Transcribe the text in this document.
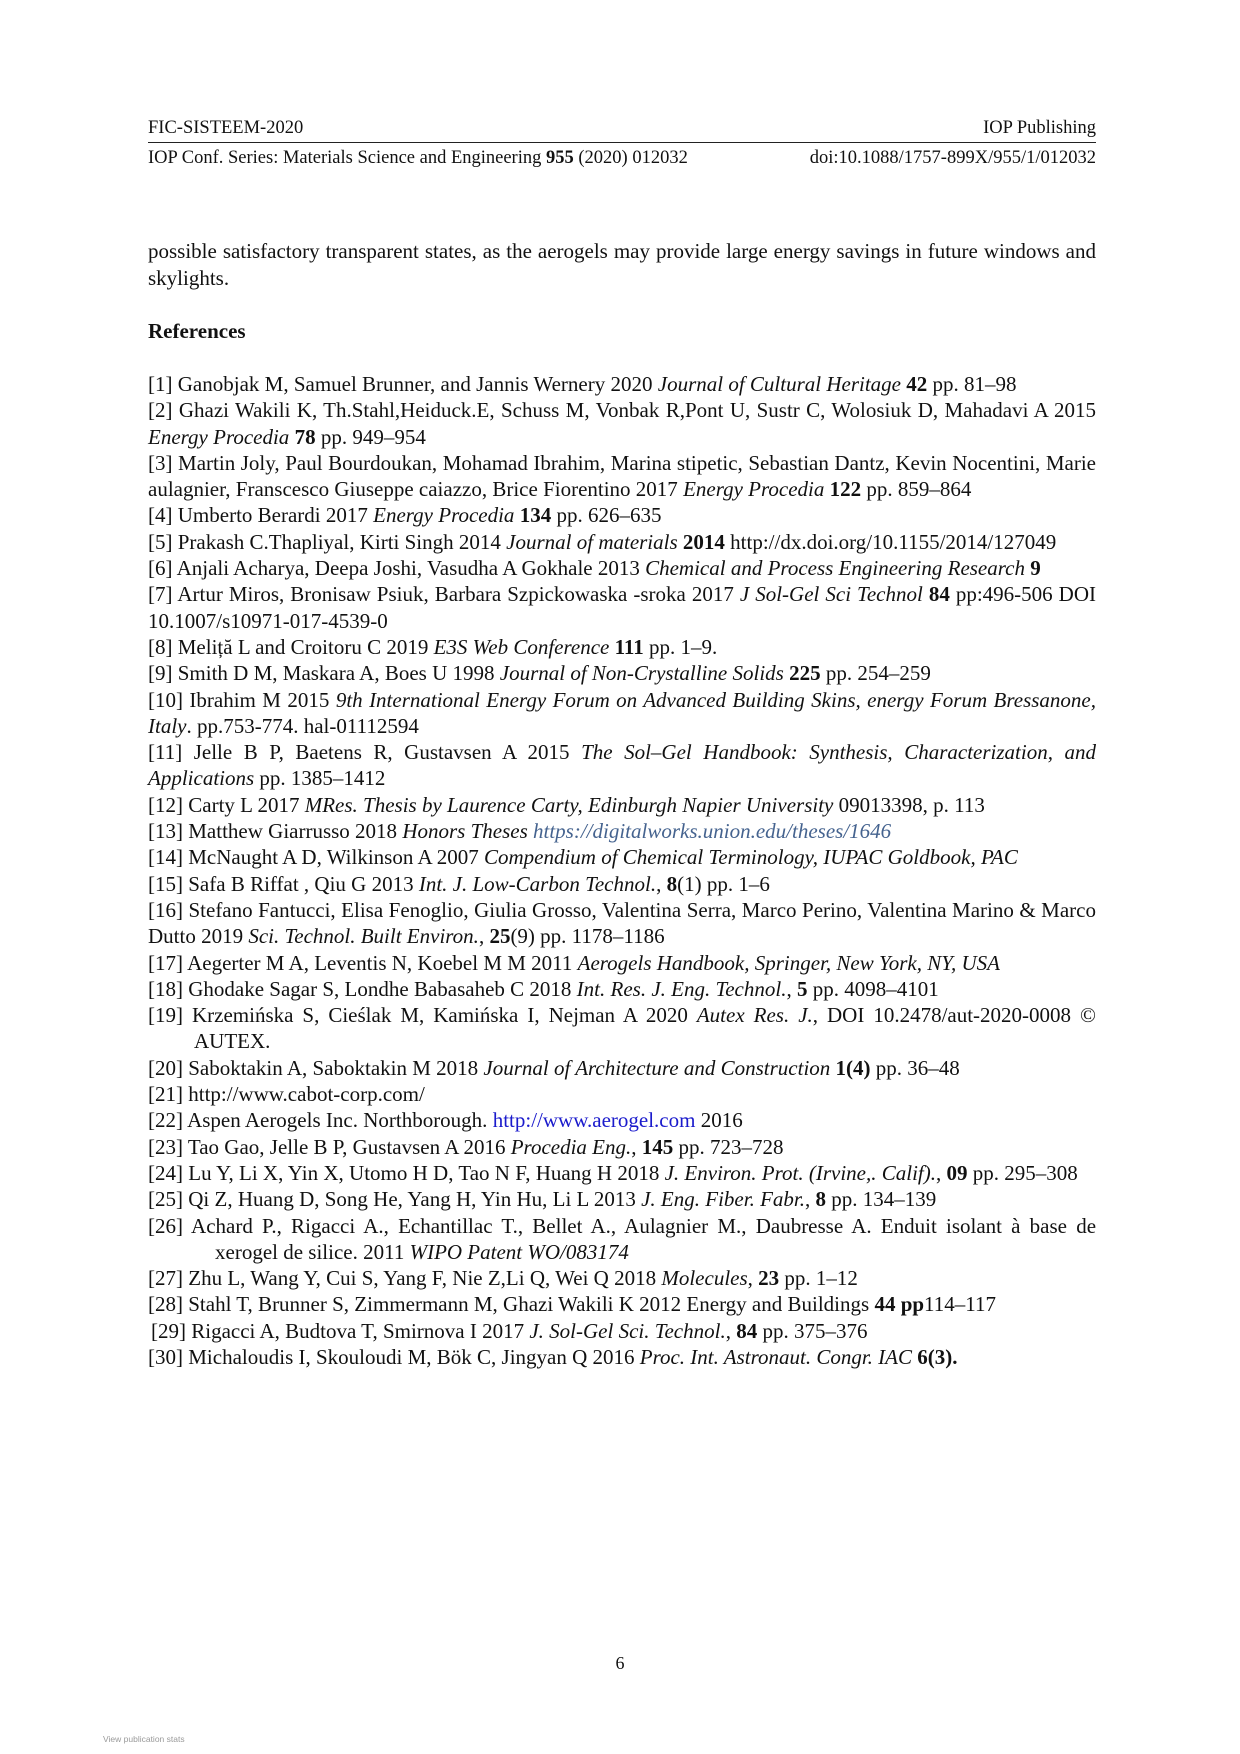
FIC-SISTEEM-2020	IOP Publishing
IOP Conf. Series: Materials Science and Engineering 955 (2020) 012032	doi:10.1088/1757-899X/955/1/012032
possible satisfactory transparent states, as the aerogels may provide large energy savings in future windows and skylights.
References
[1] Ganobjak M, Samuel Brunner, and Jannis Wernery 2020 Journal of Cultural Heritage 42 pp. 81–98
[2] Ghazi Wakili K, Th.Stahl,Heiduck.E, Schuss M, Vonbak R,Pont U, Sustr C, Wolosiuk D, Mahadavi A 2015 Energy Procedia 78 pp. 949–954
[3] Martin Joly, Paul Bourdoukan, Mohamad Ibrahim, Marina stipetic, Sebastian Dantz, Kevin Nocentini, Marie aulagnier, Franscesco Giuseppe caiazzo, Brice Fiorentino 2017 Energy Procedia 122 pp. 859–864
[4] Umberto Berardi 2017 Energy Procedia 134 pp. 626–635
[5] Prakash C.Thapliyal, Kirti Singh 2014 Journal of materials 2014 http://dx.doi.org/10.1155/2014/127049
[6] Anjali Acharya, Deepa Joshi, Vasudha A Gokhale 2013 Chemical and Process Engineering Research 9
[7] Artur Miros, Bronisaw Psiuk, Barbara Szpickowaska -sroka 2017 J Sol-Gel Sci Technol 84 pp:496-506 DOI 10.1007/s10971-017-4539-0
[8] Meliță L and Croitoru C 2019 E3S Web Conference 111 pp. 1–9.
[9] Smith D M, Maskara A, Boes U 1998 Journal of Non-Crystalline Solids 225 pp. 254–259
[10] Ibrahim M 2015 9th International Energy Forum on Advanced Building Skins, energy Forum Bressanone, Italy. pp.753-774. hal-01112594
[11] Jelle B P, Baetens R, Gustavsen A 2015 The Sol–Gel Handbook: Synthesis, Characterization, and Applications pp. 1385–1412
[12] Carty L 2017 MRes. Thesis by Laurence Carty, Edinburgh Napier University 09013398, p. 113
[13] Matthew Giarrusso 2018 Honors Theses https://digitalworks.union.edu/theses/1646
[14] McNaught A D, Wilkinson A 2007 Compendium of Chemical Terminology, IUPAC Goldbook, PAC
[15] Safa B Riffat , Qiu G 2013 Int. J. Low-Carbon Technol., 8(1) pp. 1–6
[16] Stefano Fantucci, Elisa Fenoglio, Giulia Grosso, Valentina Serra, Marco Perino, Valentina Marino & Marco Dutto 2019 Sci. Technol. Built Environ., 25(9) pp. 1178–1186
[17] Aegerter M A, Leventis N, Koebel M M 2011 Aerogels Handbook, Springer, New York, NY, USA
[18] Ghodake Sagar S, Londhe Babasaheb C 2018 Int. Res. J. Eng. Technol., 5 pp. 4098–4101
[19] Krzemińska S, Cieślak M, Kamińska I, Nejman A 2020 Autex Res. J., DOI 10.2478/aut-2020-0008 © AUTEX.
[20] Saboktakin A, Saboktakin M 2018 Journal of Architecture and Construction 1(4) pp. 36–48
[21] http://www.cabot-corp.com/
[22] Aspen Aerogels Inc. Northborough. http://www.aerogel.com 2016
[23] Tao Gao, Jelle B P, Gustavsen A 2016 Procedia Eng., 145 pp. 723–728
[24] Lu Y, Li X, Yin X, Utomo H D, Tao N F, Huang H 2018 J. Environ. Prot. (Irvine,. Calif)., 09 pp. 295–308
[25] Qi Z, Huang D, Song He, Yang H, Yin Hu, Li L 2013 J. Eng. Fiber. Fabr., 8 pp. 134–139
[26] Achard P., Rigacci A., Echantillac T., Bellet A., Aulagnier M., Daubresse A. Enduit isolant à base de xerogel de silice. 2011 WIPO Patent WO/083174
[27] Zhu L, Wang Y, Cui S, Yang F, Nie Z,Li Q, Wei Q 2018 Molecules, 23 pp. 1–12
[28] Stahl T, Brunner S, Zimmermann M, Ghazi Wakili K 2012 Energy and Buildings 44 pp114–117
[29] Rigacci A, Budtova T, Smirnova I 2017 J. Sol-Gel Sci. Technol., 84 pp. 375–376
[30] Michaloudis I, Skouloudi M, Bök C, Jingyan Q 2016 Proc. Int. Astronaut. Congr. IAC 6(3).
6
View publication stats
